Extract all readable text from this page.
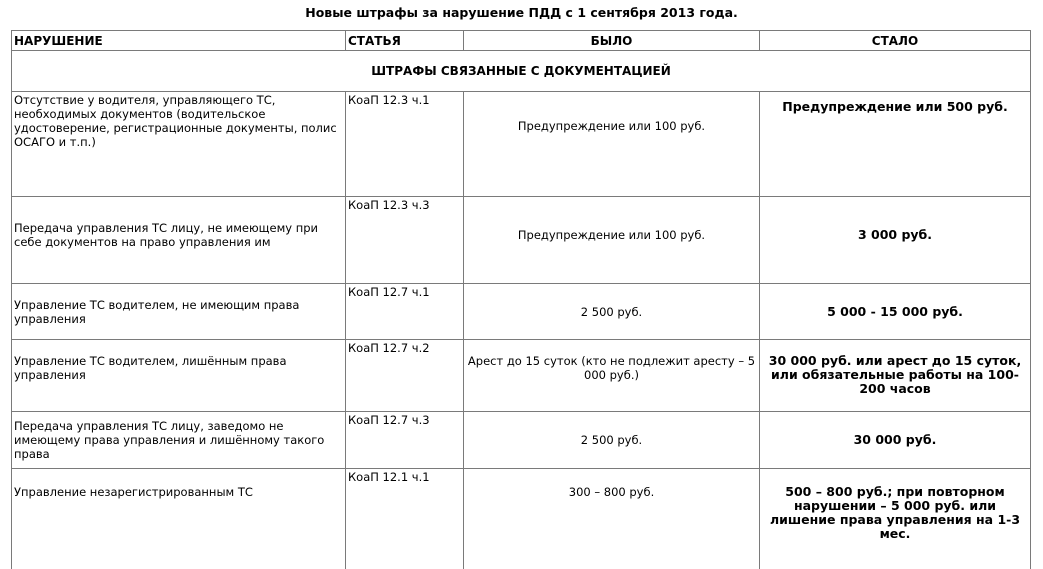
Новые штрафы за нарушение ПДД с 1 сентября 2013 года.
НАРУШЕНИЕ	СТАТЬЯ	БЫЛО	СТАЛО
ШТРАФЫ СВЯЗАННЫЕ С ДОКУМЕНТАЦИЕЙ			
Отсутствие у водителя, управляющего ТС, необходимых документов (водительское удостоверение, регистрационные документы, полис ОСАГО и т.п.)	КоаП 12.3 ч.1	Предупреждение или 100 руб.	Предупреждение или 500 руб.
Передача управления ТС лицу, не имеющему при себе документов на право управления им	КоаП 12.3 ч.3	Предупреждение или 100 руб.	3 000 руб.
Управление ТС водителем, не имеющим права управления	КоаП 12.7 ч.1	2 500 руб.	5 000 - 15 000 руб.
Управление ТС водителем, лишённым права управления	КоаП 12.7 ч.2	Арест до 15 суток (кто не подлежит аресту – 5 000 руб.)	30 000 руб. или арест до 15 суток, или обязательные работы на 100-200 часов
Передача управления ТС лицу, заведомо не имеющему права управления и лишённому такого права	КоаП 12.7 ч.3	2 500 руб.	30 000 руб.
Управление незарегистрированным ТС	КоаП 12.1 ч.1	300 – 800 руб.	500 – 800 руб.; при повторном нарушении – 5 000 руб. или лишение права управления на 1-3 мес.
